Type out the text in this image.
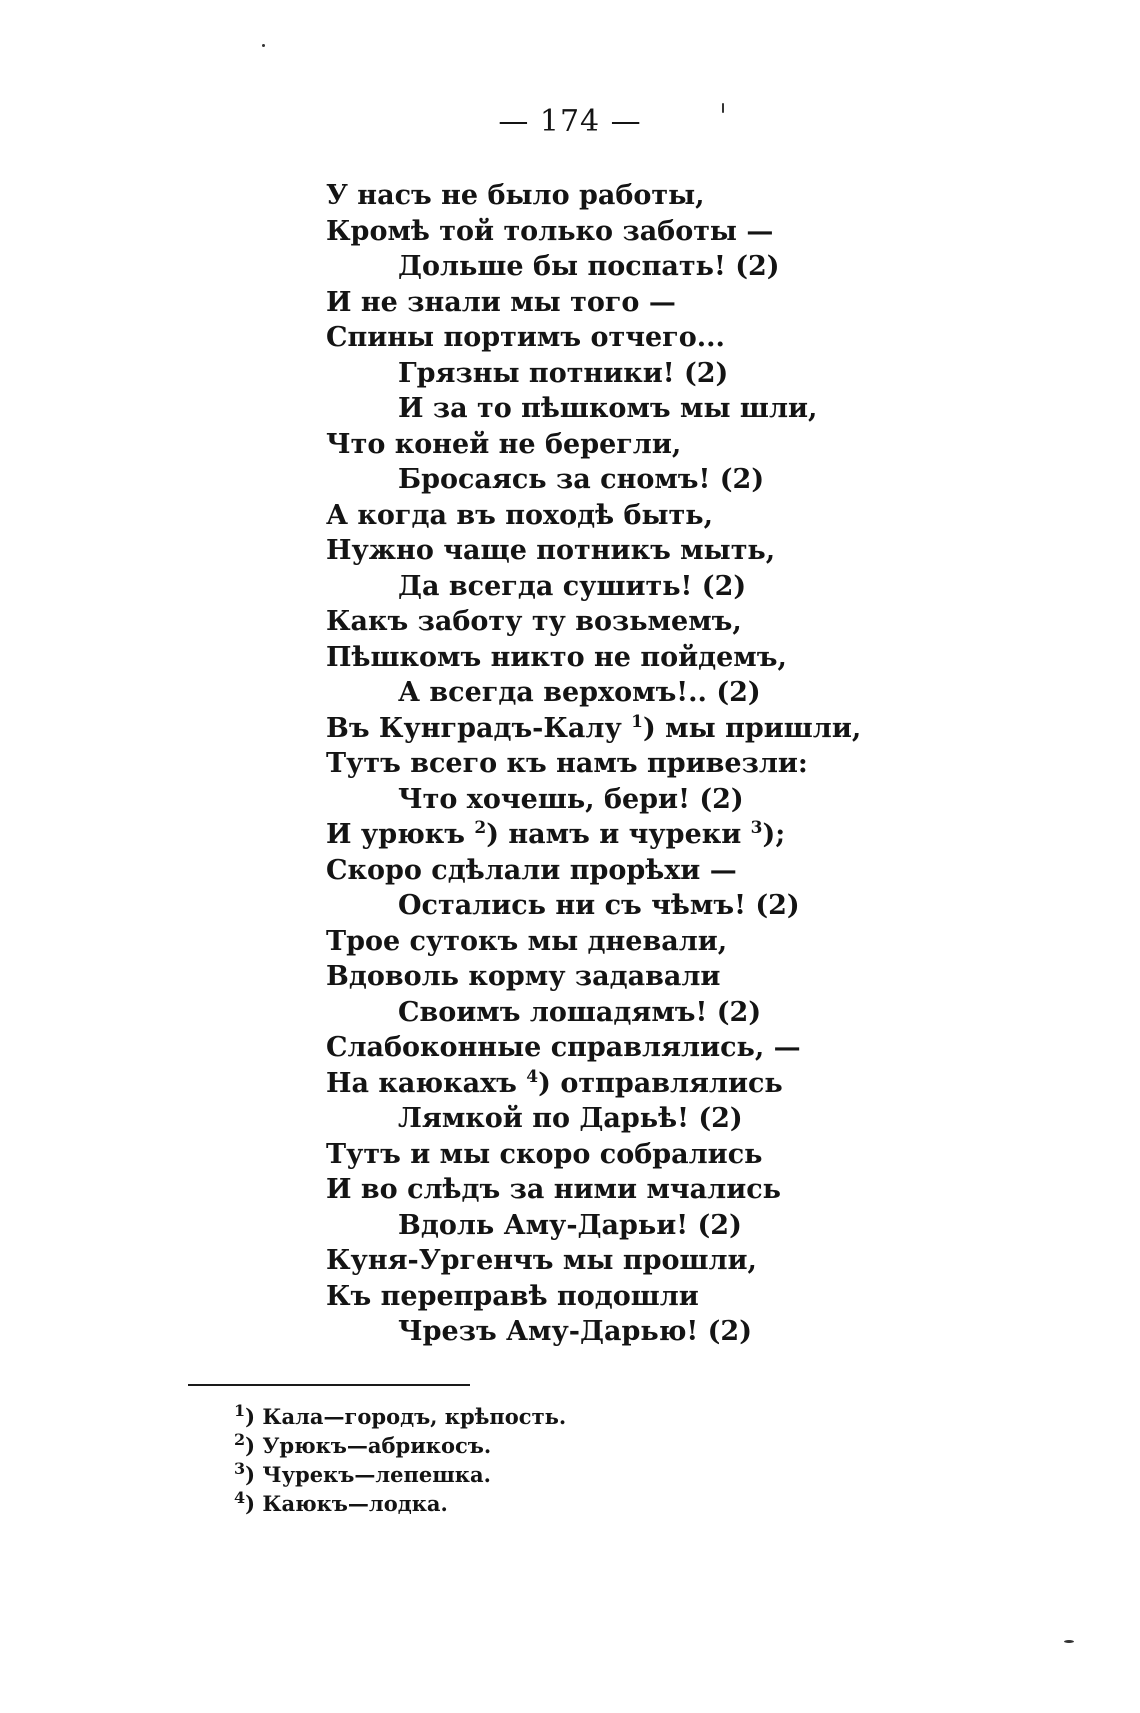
— 174 —
У насъ не было работы,
Кромѣ той только заботы —
Дольше бы поспать! (2)
И не знали мы того —
Спины портимъ отчего...
Грязны потники! (2)
И за то пѣшкомъ мы шли,
Что коней не берегли,
Бросаясь за сномъ! (2)
А когда въ походѣ быть,
Нужно чаще потникъ мыть,
Да всегда сушить! (2)
Какъ заботу ту возьмемъ,
Пѣшкомъ никто не пойдемъ,
А всегда верхомъ!.. (2)
Въ Кунградъ-Калу $^1$) мы пришли,
Тутъ всего къ намъ привезли:
Что хочешь, бери! (2)
И урюкъ $^2$) намъ и чуреки $^3$);
Скоро сдѣлали прорѣхи —
Остались ни съ чѣмъ! (2)
Трое сутокъ мы дневали,
Вдоволь корму задавали
Своимъ лошадямъ! (2)
Слабоконные справлялись, —
На каюкахъ $^4$) отправлялись
Лямкой по Дарьѣ! (2)
Тутъ и мы скоро собрались
И во слѣдъ за ними мчались
Вдоль Аму-Дарьи! (2)
Куня-Ургенчъ мы прошли,
Къ переправѣ подошли
Чрезъ Аму-Дарью! (2)
$^1$) Кала—городъ, крѣпость.
$^2$) Урюкъ—абрикосъ.
$^3$) Чурекъ—лепешка.
$^4$) Каюкъ—лодка.
